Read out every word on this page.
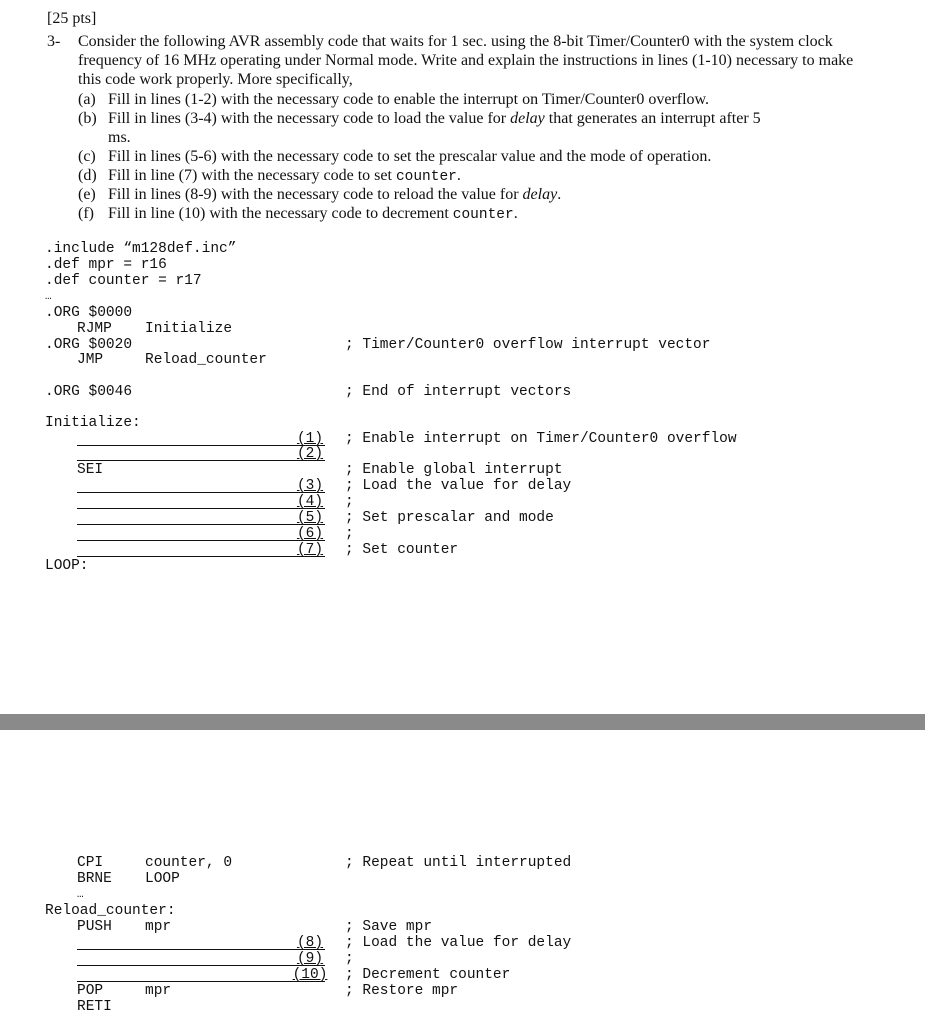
[25 pts]
3- Consider the following AVR assembly code that waits for 1 sec. using the 8-bit Timer/Counter0 with the system clock frequency of 16 MHz operating under Normal mode. Write and explain the instructions in lines (1-10) necessary to make this code work properly. More specifically,
(a) Fill in lines (1-2) with the necessary code to enable the interrupt on Timer/Counter0 overflow.
(b) Fill in lines (3-4) with the necessary code to load the value for delay that generates an interrupt after 5
ms.
(c) Fill in lines (5-6) with the necessary code to set the prescalar value and the mode of operation.
(d) Fill in line (7) with the necessary code to set counter.
(e) Fill in lines (8-9) with the necessary code to reload the value for delay.
(f) Fill in line (10) with the necessary code to decrement counter.
.include “m128def.inc”
.def mpr = r16
.def counter = r17
…
.ORG $0000
RJMP Initialize
.ORG $0020	; Timer/Counter0 overflow interrupt vector
JMP	Reload_counter
.ORG $0046	; End of interrupt vectors
Initialize:
(1) ; Enable interrupt on Timer/Counter0 overflow
(2)
SEI	; Enable global interrupt
(3) ; Load the value for delay
(4) ;
(5) ; Set prescalar and mode
(6) ;
(7) ; Set counter
LOOP:
CPI	counter, 0	; Repeat until interrupted
BRNE LOOP
…
Reload_counter:
PUSH mpr	; Save mpr
(8) ; Load the value for delay
(9) ;
(10) ; Decrement counter
POP	mpr	; Restore mpr
RETI
